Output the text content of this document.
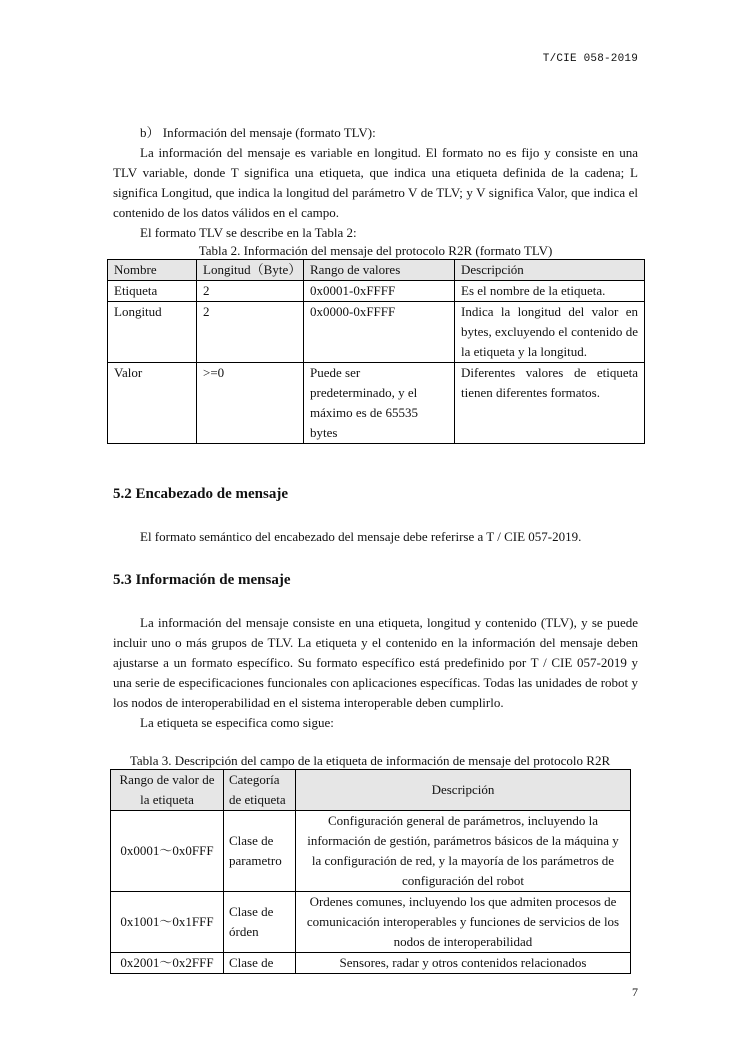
T/CIE 058-2019

b） Información del mensaje (formato TLV):

La información del mensaje es variable en longitud. El formato no es fijo y consiste en una TLV variable, donde T significa una etiqueta, que indica una etiqueta definida de la cadena; L significa Longitud, que indica la longitud del parámetro V de TLV; y V significa Valor, que indica el contenido de los datos válidos en el campo.

El formato TLV se describe en la Tabla 2:

Tabla 2. Información del mensaje del protocolo R2R (formato TLV)
Nombre	Longitud（Byte）	Rango de valores	Descripción
Etiqueta	2	0x0001-0xFFFF	Es el nombre de la etiqueta.
Longitud	2	0x0000-0xFFFF	Indica la longitud del valor en bytes, excluyendo el contenido de la etiqueta y la longitud.
Valor	>=0	Puede ser predeterminado, y el máximo es de 65535 bytes	Diferentes valores de etiqueta tienen diferentes formatos.
5.2 Encabezado de mensaje

El formato semántico del encabezado del mensaje debe referirse a T / CIE 057-2019.

5.3 Información de mensaje

La información del mensaje consiste en una etiqueta, longitud y contenido (TLV), y se puede incluir uno o más grupos de TLV. La etiqueta y el contenido en la información del mensaje deben ajustarse a un formato específico. Su formato específico está predefinido por T / CIE 057-2019 y una serie de especificaciones funcionales con aplicaciones específicas. Todas las unidades de robot y los nodos de interoperabilidad en el sistema interoperable deben cumplirlo.

La etiqueta se especifica como sigue:

Tabla 3. Descripción del campo de la etiqueta de información de mensaje del protocolo R2R
Rango de valor de la etiqueta	Categoría de etiqueta	Descripción
0x0001～0x0FFF	Clase de parametro	Configuración general de parámetros, incluyendo la información de gestión, parámetros básicos de la máquina y la configuración de red, y la mayoría de los parámetros de configuración del robot
0x1001～0x1FFF	Clase de órden	Ordenes comunes, incluyendo los que admiten procesos de comunicación interoperables y funciones de servicios de los nodos de interoperabilidad
0x2001～0x2FFF	Clase de	Sensores, radar y otros contenidos relacionados
7
